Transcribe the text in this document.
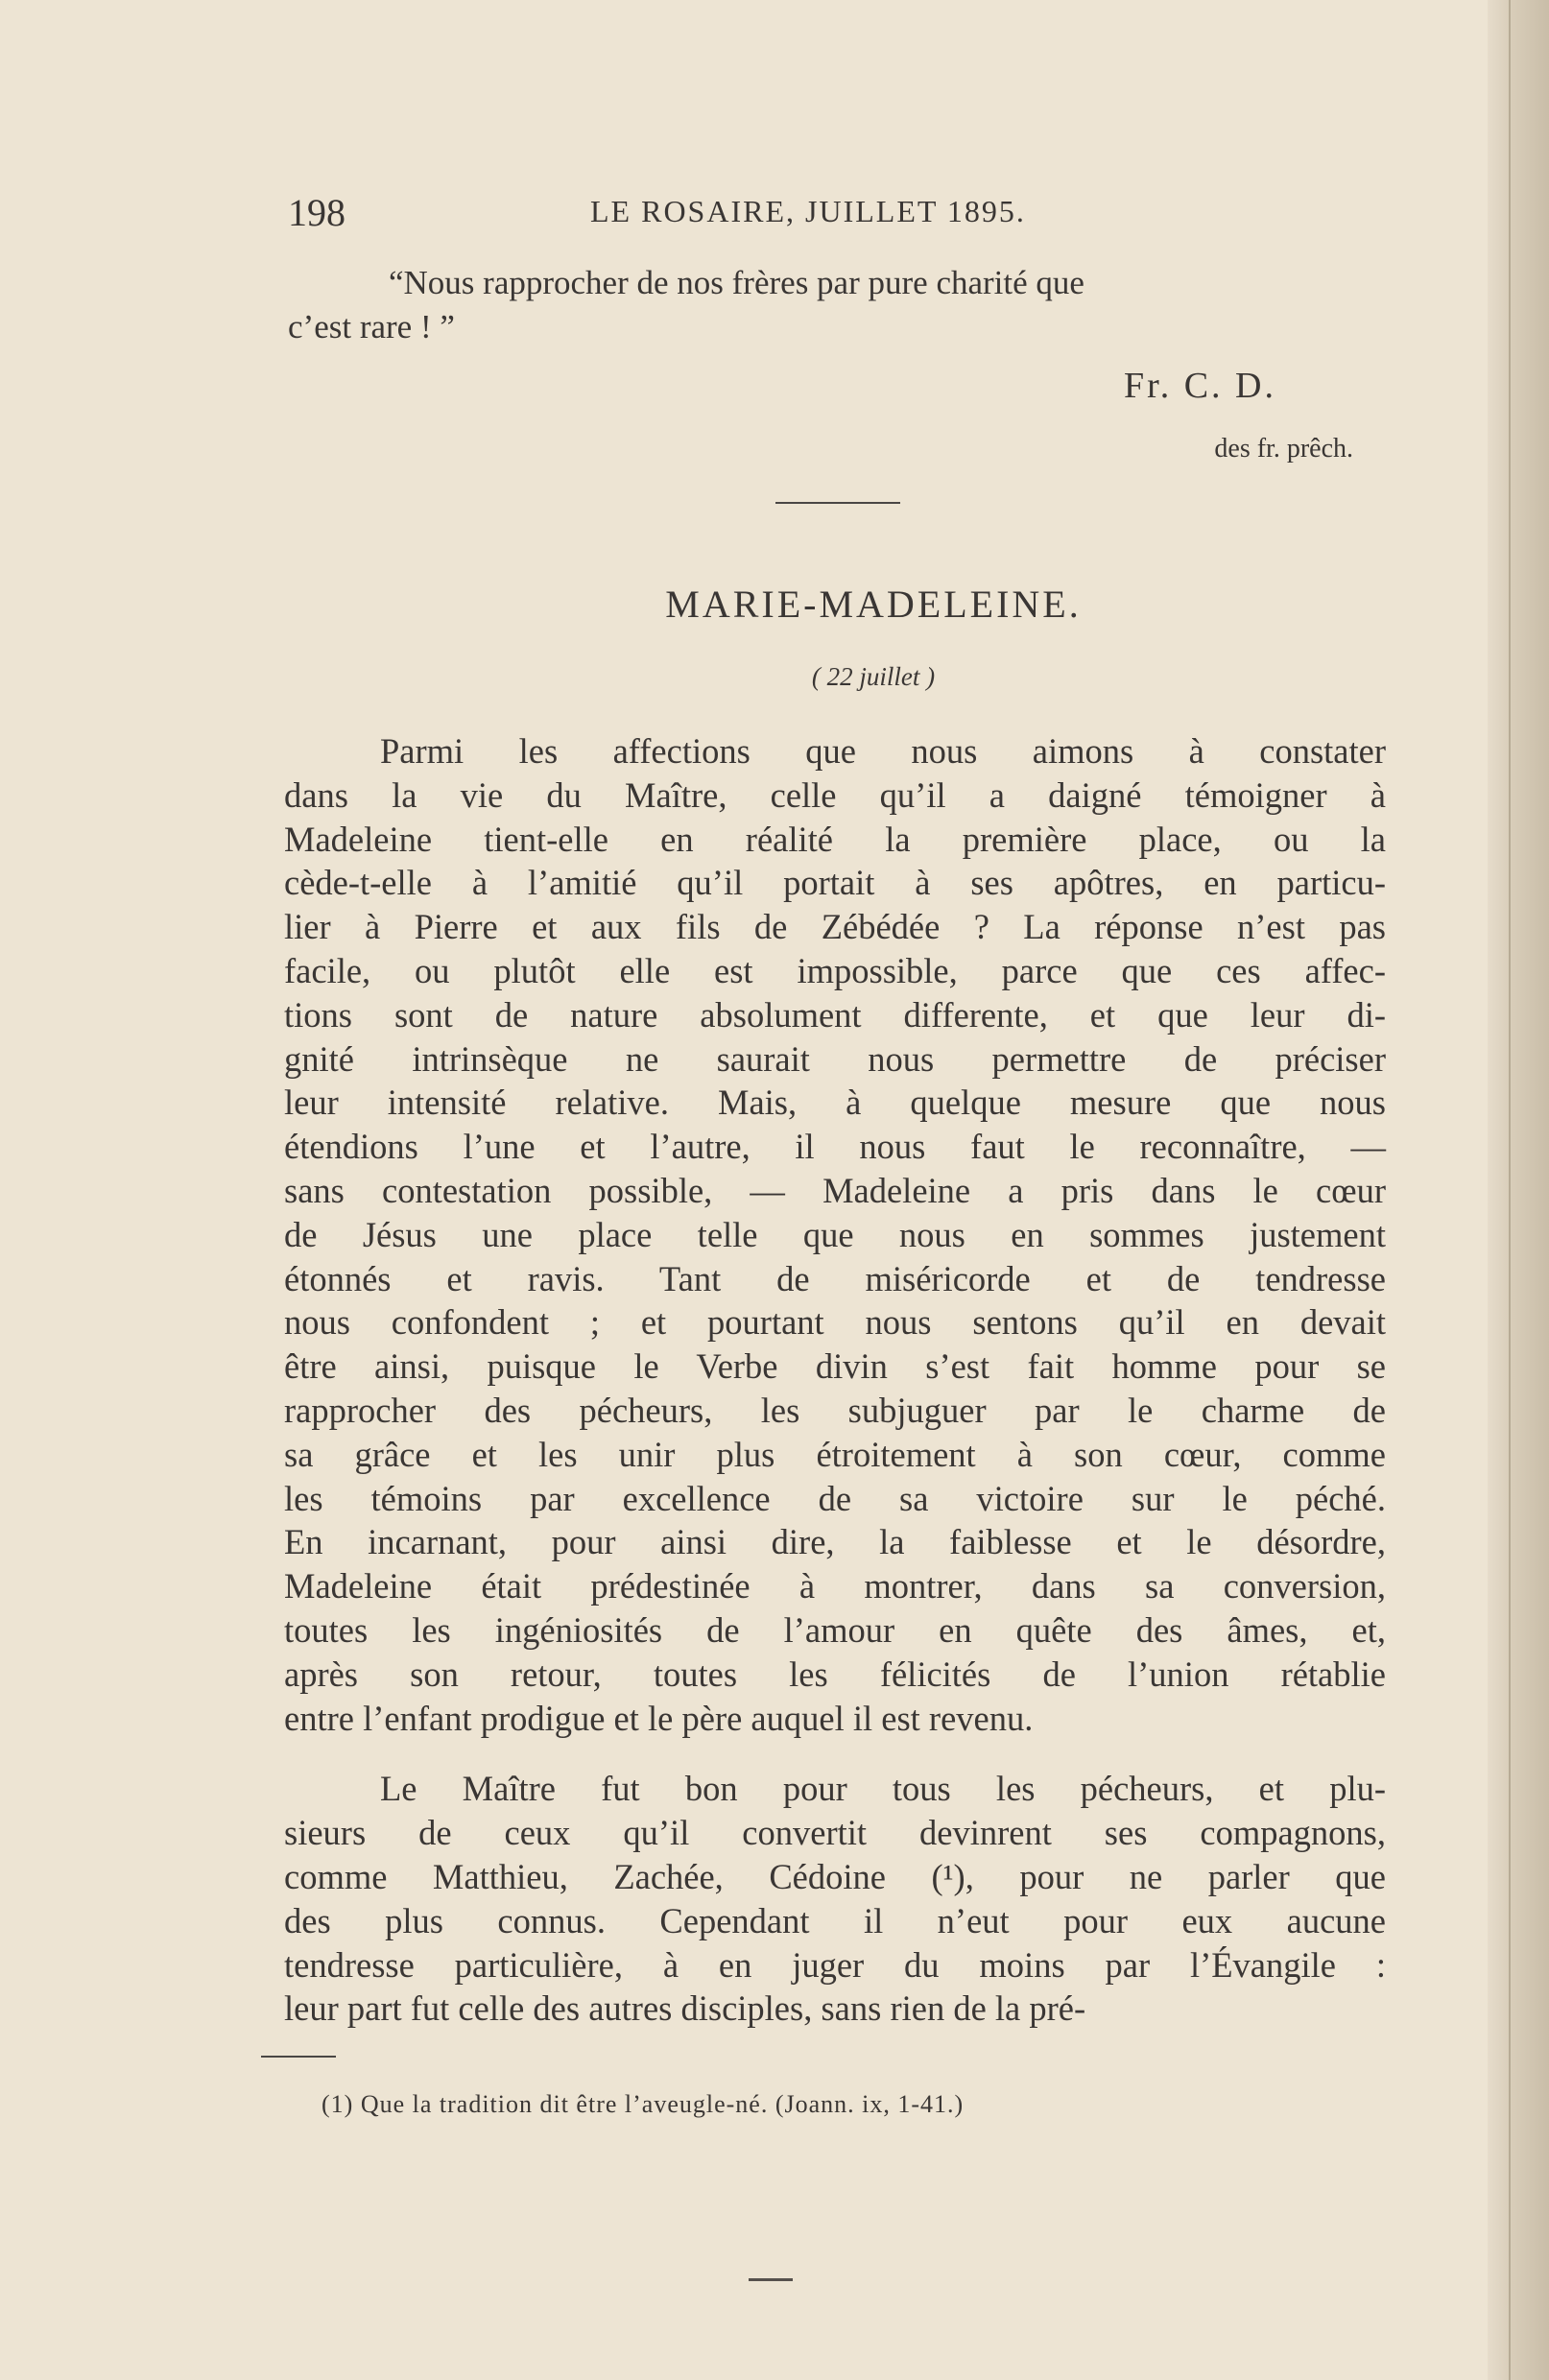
198	LE ROSAIRE, JUILLET 1895.
“Nous rapprocher de nos frères par pure charité que
c’est rare ! ”
Fr. C. D.
des fr. prêch.
MARIE-MADELEINE.
( 22 juillet )
Parmi les affections que nous aimons à constater
dans la vie du Maître, celle qu’il a daigné témoigner à
Madeleine tient-elle en réalité la première place, ou la
cède-t-elle à l’amitié qu’il portait à ses apôtres, en particu-
lier à Pierre et aux fils de Zébédée ? La réponse n’est pas
facile, ou plutôt elle est impossible, parce que ces affec-
tions sont de nature absolument differente, et que leur di-
gnité intrinsèque ne saurait nous permettre de préciser
leur intensité relative. Mais, à quelque mesure que nous
étendions l’une et l’autre, il nous faut le reconnaître, —
sans contestation possible, — Madeleine a pris dans le cœur
de Jésus une place telle que nous en sommes justement
étonnés et ravis. Tant de miséricorde et de tendresse
nous confondent ; et pourtant nous sentons qu’il en devait
être ainsi, puisque le Verbe divin s’est fait homme pour se
rapprocher des pécheurs, les subjuguer par le charme de
sa grâce et les unir plus étroitement à son cœur, comme
les témoins par excellence de sa victoire sur le péché.
En incarnant, pour ainsi dire, la faiblesse et le désordre,
Madeleine était prédestinée à montrer, dans sa conversion,
toutes les ingéniosités de l’amour en quête des âmes, et,
après son retour, toutes les félicités de l’union rétablie
entre l’enfant prodigue et le père auquel il est revenu.
Le Maître fut bon pour tous les pécheurs, et plu-
sieurs de ceux qu’il convertit devinrent ses compagnons,
comme Matthieu, Zachée, Cédoine (¹), pour ne parler que
des plus connus. Cependant il n’eut pour eux aucune
tendresse particulière, à en juger du moins par l’Évangile :
leur part fut celle des autres disciples, sans rien de la pré-
(1) Que la tradition dit être l’aveugle-né. (Joann. ix, 1-41.)
